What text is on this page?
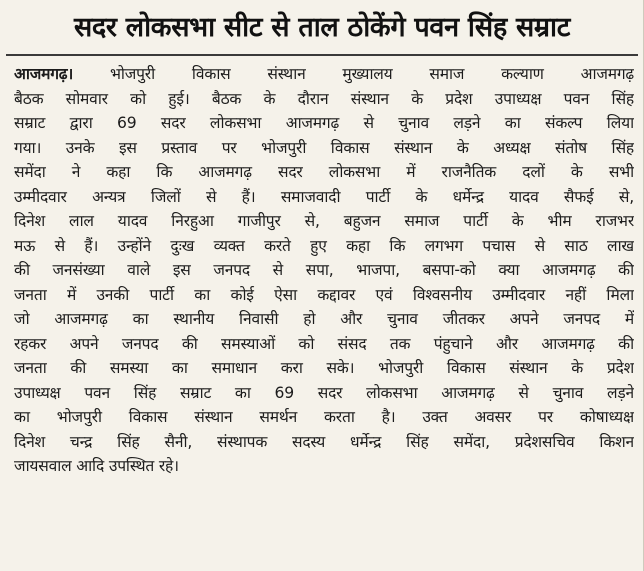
सदर लोकसभा सीट से ताल ठोकेंगे पवन सिंह सम्राट
आजमगढ़। भोजपुरी विकास संस्थान मुख्यालय समाज कल्याण आजमगढ़
बैठक सोमवार को हुई। बैठक के दौरान संस्थान के प्रदेश उपाध्यक्ष पवन सिंह
सम्राट द्वारा 69 सदर लोकसभा आजमगढ़ से चुनाव लड़ने का संकल्प लिया
गया। उनके इस प्रस्ताव पर भोजपुरी विकास संस्थान के अध्यक्ष संतोष सिंह
समेंदा ने कहा कि आजमगढ़ सदर लोकसभा में राजनैतिक दलों के सभी
उम्मीदवार अन्यत्र जिलों से हैं। समाजवादी पार्टी के धर्मेन्द्र यादव सैफई से,
दिनेश लाल यादव निरहुआ गाजीपुर से, बहुजन समाज पार्टी के भीम राजभर
मऊ से हैं। उन्होंने दुःख व्यक्त करते हुए कहा कि लगभग पचास से साठ लाख
की जनसंख्या वाले इस जनपद से सपा, भाजपा, बसपा-को क्या आजमगढ़ की
जनता में उनकी पार्टी का कोई ऐसा कद्दावर एवं विश्वसनीय उम्मीदवार नहीं मिला
जो आजमगढ़ का स्थानीय निवासी हो और चुनाव जीतकर अपने जनपद में
रहकर अपने जनपद की समस्याओं को संसद तक पंहुचाने और आजमगढ़ की
जनता की समस्या का समाधान करा सके। भोजपुरी विकास संस्थान के प्रदेश
उपाध्यक्ष पवन सिंह सम्राट का 69 सदर लोकसभा आजमगढ़ से चुनाव लड़ने
का भोजपुरी विकास संस्थान समर्थन करता है। उक्त अवसर पर कोषाध्यक्ष
दिनेश चन्द्र सिंह सैनी, संस्थापक सदस्य धर्मेन्द्र सिंह समेंदा, प्रदेशसचिव किशन
जायसवाल आदि उपस्थित रहे।
